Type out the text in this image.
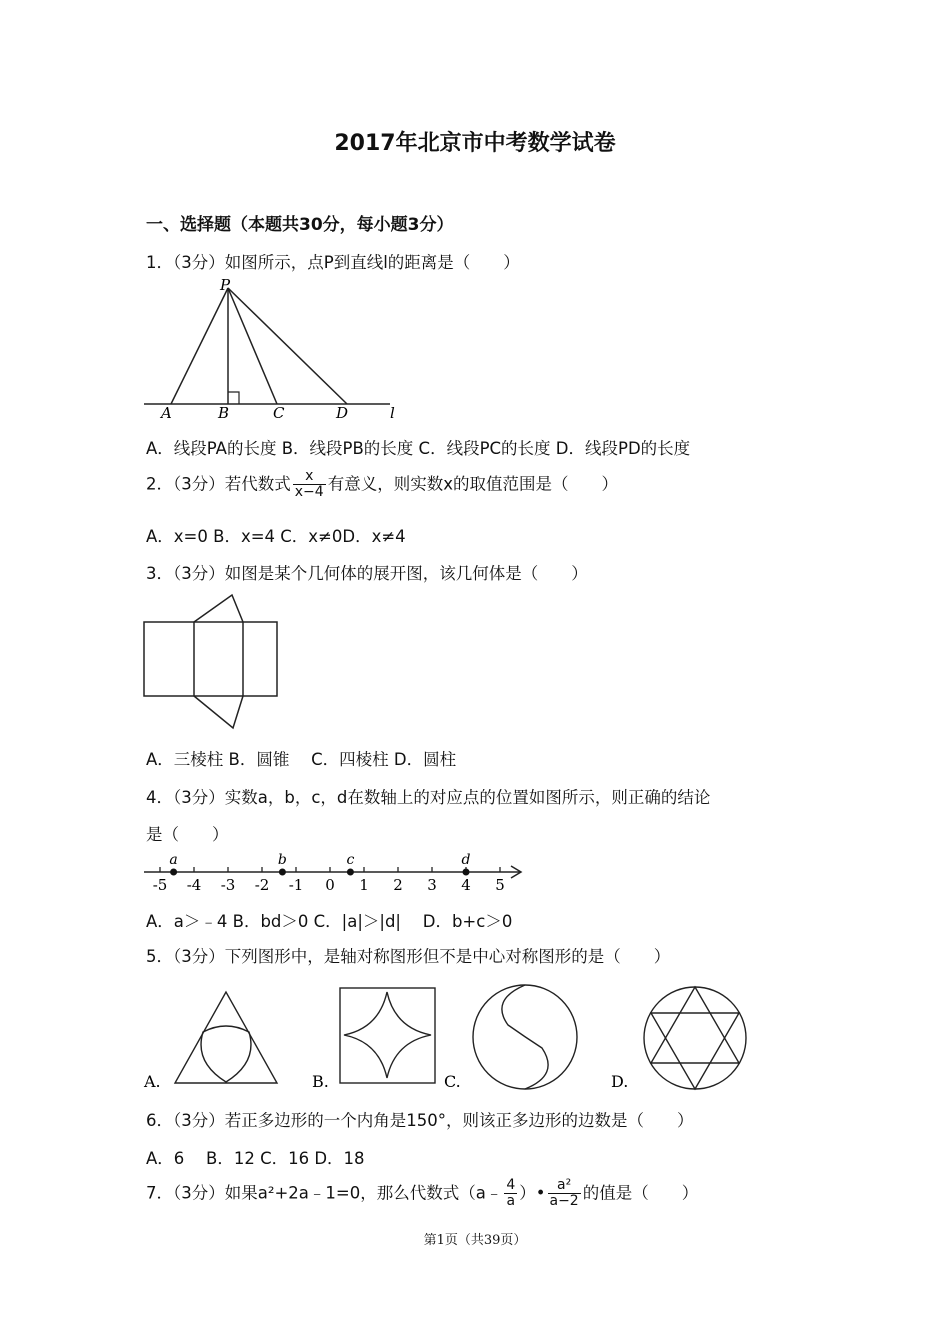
2017年北京市中考数学试卷
一、选择题（本题共30分，每小题3分）
1．（3分）如图所示，点P到直线l的距离是（　　）
P
A	B	C	D	l
A．线段PA的长度 B．线段PB的长度 C．线段PC的长度 D．线段PD的长度
2．（3分）若代数式 $\frac{x}{x-4}$ 有意义，则实数x的取值范围是（　　）
A．x=0 B．x=4 C．x≠0D．x≠4
3．（3分）如图是某个几何体的展开图，该几何体是（　　）
A．三棱柱 B．圆锥　 C．四棱柱 D．圆柱
4．（3分）实数a，b，c，d在数轴上的对应点的位置如图所示，则正确的结论
是（　　）
-5 -4 -3 -2 -1 0 1 2 3 4 5
a	b	c	d
A．a＞﹣4 B．bd＞0 C．|a|＞|d| 　D．b+c＞0
5．（3分）下列图形中，是轴对称图形但不是中心对称图形的是（　　）
A.	B.	C.	D.
6．（3分）若正多边形的一个内角是150°，则该正多边形的边数是（　　）
A．6　 B．12 C．16 D．18
7．（3分）如果a²+2a﹣1=0，那么代数式（a﹣ $\frac{4}{a}$ ）• $\frac{\text{a²}}{a-2}$ 的值是（　　）
第1页（共39页）
